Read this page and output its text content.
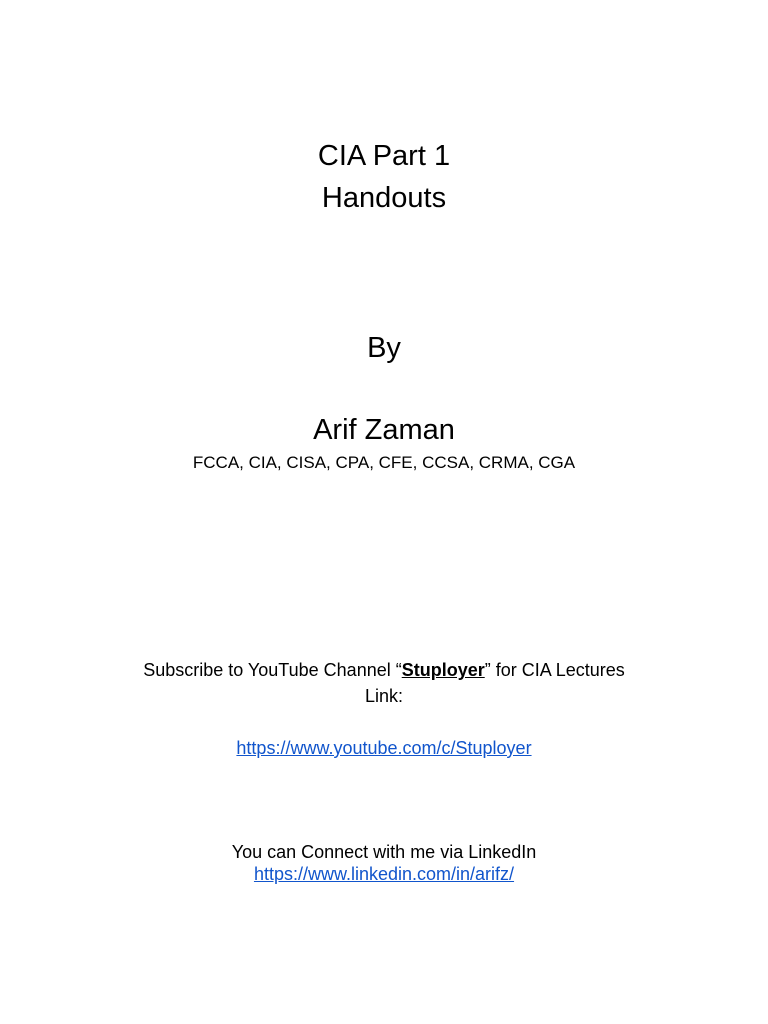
CIA Part 1
Handouts
By
Arif Zaman
FCCA, CIA, CISA, CPA, CFE, CCSA, CRMA, CGA
Subscribe to YouTube Channel “Stuployer” for CIA Lectures
Link:
https://www.youtube.com/c/Stuployer
You can Connect with me via LinkedIn
https://www.linkedin.com/in/arifz/
